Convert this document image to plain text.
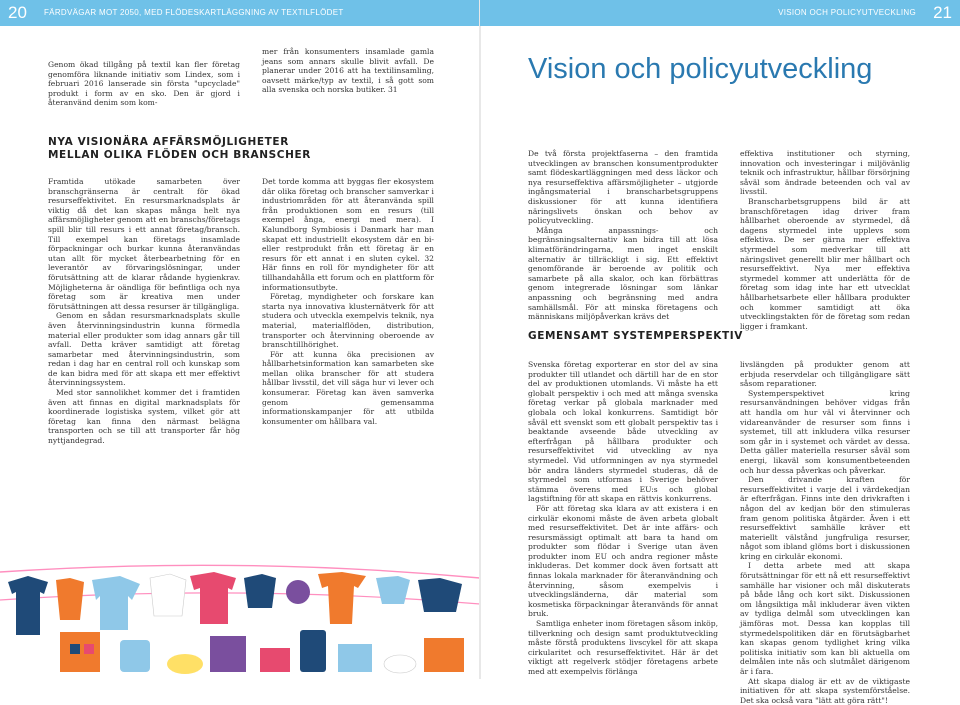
20 FÄRDVÄGAR MOT 2050, MED FLÖDESKARTLÄGGNING AV TEXTILFLÖDET

Genom ökad tillgång på textil kan fler företag genomföra liknande initiativ som Lindex, som i februari 2016 lanserade sin första "upcyclade" produkt i form av en sko. Den är gjord i återanvänd denim som kom-

mer från konsumenters insamlade gamla jeans som annars skulle blivit avfall. De planerar under 2016 att ha textilinsamling, oavsett märke/typ av textil, i så gott som alla svenska och norska butiker. 31

NYA VISIONÄRA AFFÄRSMÖJLIGHETER
MELLAN OLIKA FLÖDEN OCH BRANSCHER

Framtida utökade samarbeten över branschgränserna är centralt för ökad resurseffektivitet. En resursmarknadsplats är viktig då det kan skapas många helt nya affärsmöjligheter genom att en branschs/företags spill blir till resurs i ett annat företag/bransch. Till exempel kan företags insamlade förpackningar och burkar kunna återanvändas utan allt för mycket återbearbetning för en leverantör av förvaringslösningar, under förutsättning att de klarar rådande hygienkrav. Möjligheterna är oändliga för befintliga och nya företag som är kreativa men under förutsättningen att dessa resurser är tillgängliga.

Genom en sådan resursmarknadsplats skulle även återvinningsindustrin kunna förmedla material eller produkter som idag annars går till avfall. Detta kräver samtidigt att företag samarbetar med återvinningsindustrin, som redan i dag har en central roll och kunskap som de kan bidra med för att skapa ett mer effektivt återvinningssystem.

Med stor sannolikhet kommer det i framtiden även att finnas en digital marknadsplats för koordinerade logistiska system, vilket gör att företag kan finna den närmast belägna transporten och se till att transporter får hög nyttjandegrad.

Det torde komma att byggas fler ekosystem där olika företag och branscher samverkar i industriområden för att återanvända spill från produktionen som en resurs (till exempel ånga, energi med mera). I Kalundborg Symbiosis i Danmark har man skapat ett industriellt ekosystem där en bi- eller restprodukt från ett företag är en resurs för ett annat i en sluten cykel. 32 Här finns en roll för myndigheter för att tillhandahålla ett forum och en plattform för informationsutbyte.

Företag, myndigheter och forskare kan starta nya innovativa klusternätverk för att studera och utveckla exempelvis teknik, nya material, materialflöden, distribution, transporter och återvinning oberoende av branschtillhörighet.

För att kunna öka precisionen av hållbarhetsinformation kan samarbeten ske mellan olika branscher för att studera hållbar livsstil, det vill säga hur vi lever och konsumerar. Företag kan även samverka genom gemensamma informationskampanjer för att utbilda konsumenter om hållbara val.

VISION OCH POLICYUTVECKLING 21
Vision och policyutveckling

De två första projektfaserna – den framtida utvecklingen av branschen konsumentprodukter samt flödeskartläggningen med dess läckor och nya resurseffektiva affärsmöjligheter – utgjorde ingångsmaterial i branscharbetsgruppens diskussioner för att kunna identifiera näringslivets önskan och behov av policyutveckling.

Många anpassnings- och begränsningsalternativ kan bidra till att lösa klimatförändringarna, men inget enskilt alternativ är tillräckligt i sig. Ett effektivt genomförande är beroende av politik och samarbete på alla skalor, och kan förbättras genom integrerade lösningar som länkar anpassning och begränsning med andra samhällsmål. För att minska företagens och människans miljöpåverkan krävs det

effektiva institutioner och styrning, innovation och investeringar i miljövänlig teknik och infrastruktur, hållbar försörjning såväl som ändrade beteenden och val av livsstil.

Branscharbetsgruppens bild är att branschföretagen idag driver fram hållbarhet oberoende av styrmedel, då dagens styrmedel inte upplevs som effektiva. De ser gärna mer effektiva styrmedel som medverkar till att näringslivet generellt blir mer hållbart och resurseffektivt. Nya mer effektiva styrmedel kommer att underlätta för de företag som idag inte har ett utvecklat hållbarhetsarbete eller hållbara produkter och kommer samtidigt att öka utvecklingstakten för de företag som redan ligger i framkant.

GEMENSAMT SYSTEMPERSPEKTIV

Svenska företag exporterar en stor del av sina produkter till utlandet och därtill har de en stor del av produktionen utomlands. Vi måste ha ett globalt perspektiv i och med att många svenska företag verkar på globala marknader med globala och lokal konkurrens. Samtidigt bör såväl ett svenskt som ett globalt perspektiv tas i beaktande avseende både utveckling av efterfrågan på hållbara produkter och resurseffektivitet vid utveckling av nya styrmedel. Vid utformningen av nya styrmedel bör andra länders styrmedel studeras, då de styrmedel som utformas i Sverige behöver stämma överens med EU:s och global lagstiftning för att skapa en rättvis konkurrens.

För att företag ska klara av att existera i en cirkulär ekonomi måste de även arbeta globalt med resurseffektivitet. Det är inte affärs- och resursmässigt optimalt att bara ta hand om produkter som flödar i Sverige utan även produkter inom EU och andra regioner måste inkluderas. Det kommer dock även fortsatt att finnas lokala marknader för återanvändning och återvinning, såsom exempelvis i utvecklingsländerna, där material som kosmetiska förpackningar återanvänds för annat bruk.

Samtliga enheter inom företagen såsom inköp, tillverkning och design samt produktutveckling måste förstå produktens livscykel för att skapa cirkularitet och resurseffektivitet. Här är det viktigt att regelverk stödjer företagens arbete med att exempelvis förlänga

livslängden på produkter genom att erbjuda reservdelar och tillgängligare sätt såsom reparationer.

Systemperspektivet kring resursanvändningen behöver vidgas från att handla om hur väl vi återvinner och vidareanvänder de resurser som finns i systemet, till att inkludera vilka resurser som går in i systemet och värdet av dessa. Detta gäller materiella resurser såväl som energi, likaväl som konsumentbeteenden och hur dessa påverkas och påverkar.

Den drivande kraften för resurseffektivitet i varje del i värdekedjan är efterfrågan. Finns inte den drivkraften i någon del av kedjan bör den stimuleras fram genom politiska åtgärder. Även i ett resurseffektivt samhälle kräver ett materiellt välstånd jungfruliga resurser, något som ibland glöms bort i diskussionen kring en cirkulär ekonomi.

I detta arbete med att skapa förutsättningar för ett nå ett resurseffektivt samhälle har visioner och mål diskuterats på både lång och kort sikt. Diskussionen om långsiktiga mål inkluderar även vikten av tydliga delmål som utvecklingen kan jämföras mot. Dessa kan kopplas till styrmedelspolitiken där en förutsägbarhet kan skapas genom tydlighet kring vilka politiska initiativ som kan bli aktuella om delmålen inte nås och slutmålet därigenom är i fara.

Att skapa dialog är ett av de viktigaste initiativen för att skapa systemförståelse. Det ska också vara "lätt att göra rätt"!
